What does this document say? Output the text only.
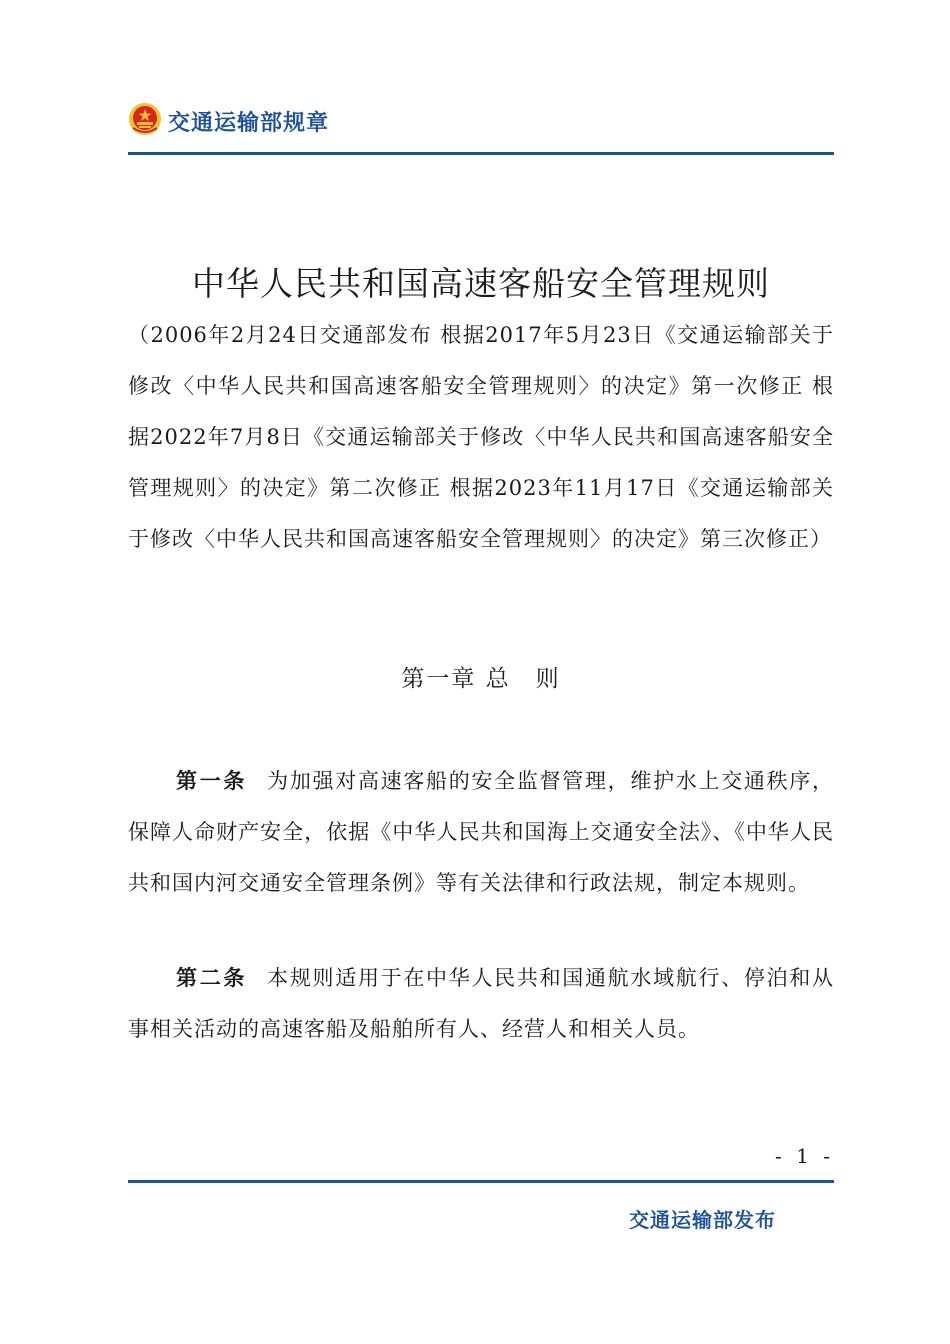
交通运输部规章
中华人民共和国高速客船安全管理规则
（2006年2月24日交通部发布 根据2017年5月23日《交通运输部关于修改〈中华人民共和国高速客船安全管理规则〉的决定》第一次修正 根据2022年7月8日《交通运输部关于修改〈中华人民共和国高速客船安全管理规则〉的决定》第二次修正 根据2023年11月17日《交通运输部关于修改〈中华人民共和国高速客船安全管理规则〉的决定》第三次修正）
第一章 总　则
第一条 为加强对高速客船的安全监督管理，维护水上交通秩序，保障人命财产安全，依据《中华人民共和国海上交通安全法》、《中华人民共和国内河交通安全管理条例》等有关法律和行政法规，制定本规则。
第二条 本规则适用于在中华人民共和国通航水域航行、停泊和从事相关活动的高速客船及船舶所有人、经营人和相关人员。
- 1 -
交通运输部发布
